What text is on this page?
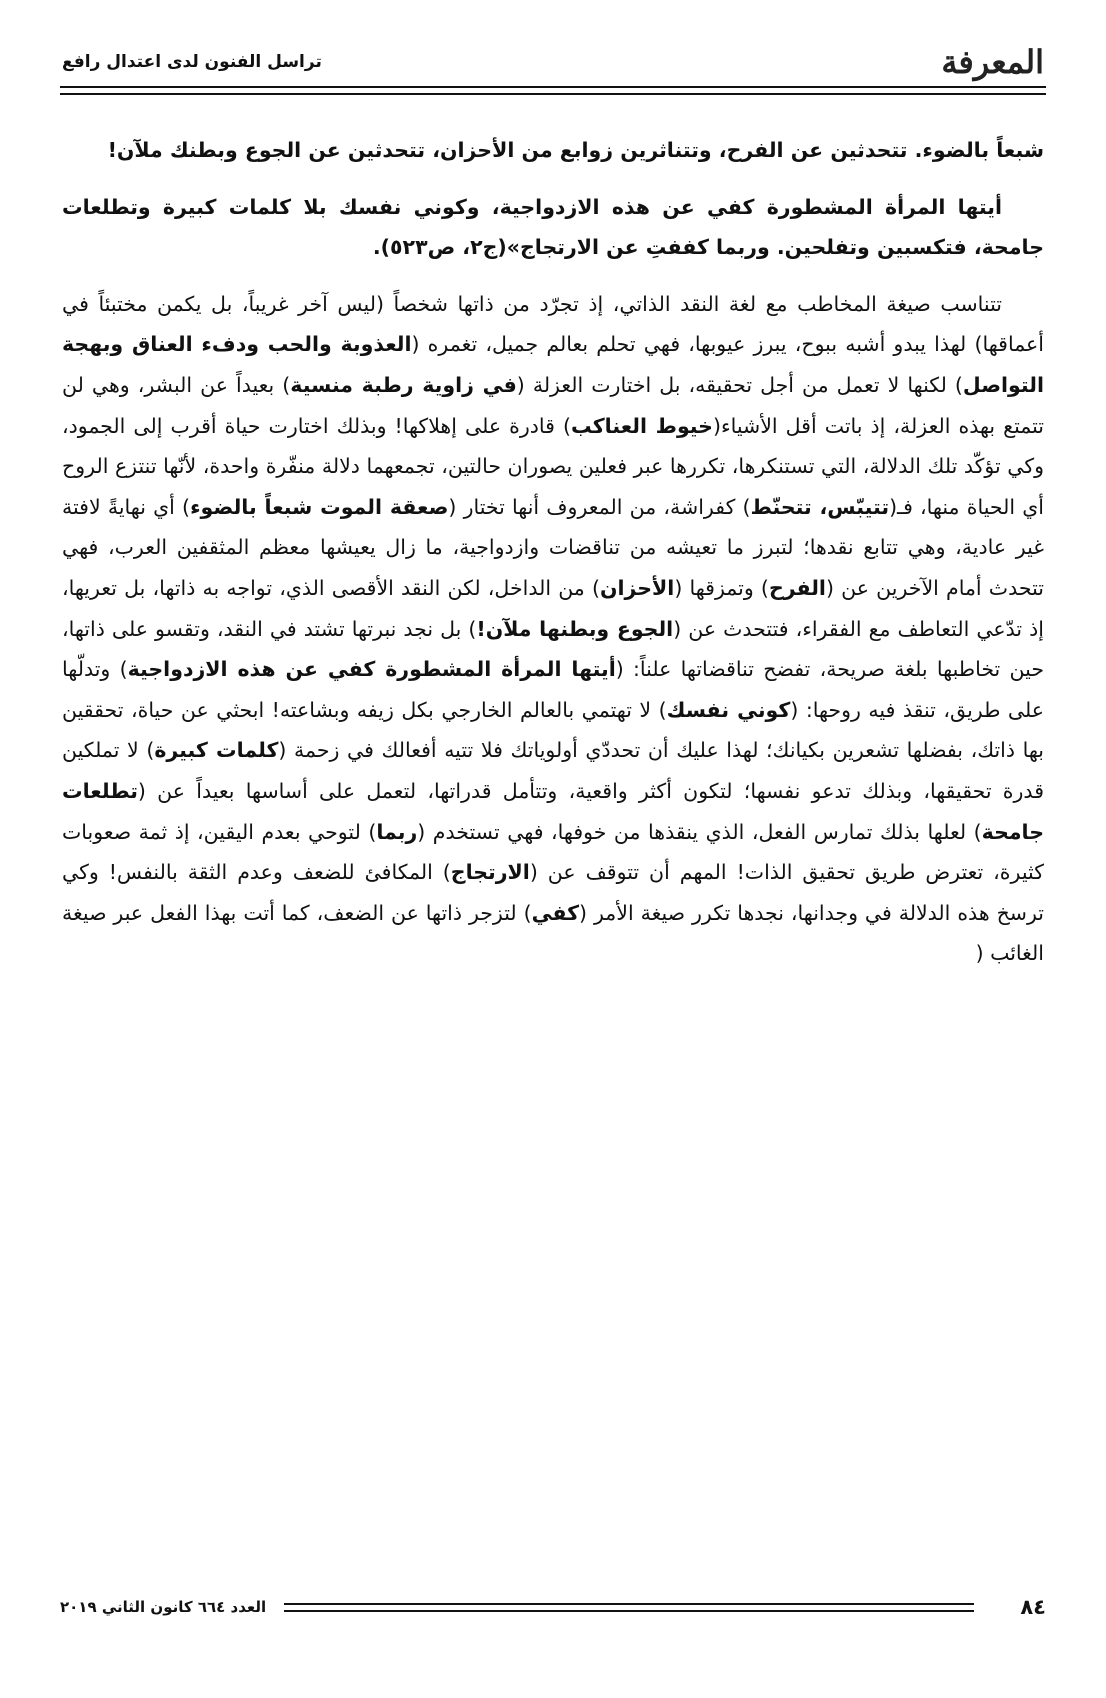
المعرفة
تراسل الفنون لدى اعتدال رافع

شبعاً بالضوء. تتحدثين عن الفرح، وتتناثرين زوابع من الأحزان، تتحدثين عن الجوع وبطنك ملآن!

أيتها المرأة المشطورة كفي عن هذه الازدواجية، وكوني نفسك بلا كلمات كبيرة وتطلعات جامحة، فتكسبين وتفلحين. وربما كففتِ عن الارتجاج»(ج٢، ص٥٢٣).

تتناسب صيغة المخاطب مع لغة النقد الذاتي، إذ تجرّد من ذاتها شخصاً (ليس آخر غريباً، بل يكمن مختبئاً في أعماقها) لهذا يبدو أشبه ببوح، يبرز عيوبها، فهي تحلم بعالم جميل، تغمره (العذوبة والحب ودفء العناق وبهجة التواصل) لكنها لا تعمل من أجل تحقيقه، بل اختارت العزلة (في زاوية رطبة منسية) بعيداً عن البشر، وهي لن تتمتع بهذه العزلة، إذ باتت أقل الأشياء(خيوط العناكب) قادرة على إهلاكها! وبذلك اختارت حياة أقرب إلى الجمود، وكي تؤكّد تلك الدلالة، التي تستنكرها، تكررها عبر فعلين يصوران حالتين، تجمعهما دلالة منفّرة واحدة، لأنّها تنتزع الروح أي الحياة منها، فـ(تتيبّس، تتحنّط) كفراشة، من المعروف أنها تختار (صعقة الموت شبعاً بالضوء) أي نهايةً لافتة غير عادية، وهي تتابع نقدها؛ لتبرز ما تعيشه من تناقضات وازدواجية، ما زال يعيشها معظم المثقفين العرب، فهي تتحدث أمام الآخرين عن (الفرح) وتمزقها (الأحزان) من الداخل، لكن النقد الأقصى الذي، تواجه به ذاتها، بل تعريها، إذ تدّعي التعاطف مع الفقراء، فتتحدث عن (الجوع وبطنها ملآن!) بل نجد نبرتها تشتد في النقد، وتقسو على ذاتها، حين تخاطبها بلغة صريحة، تفضح تناقضاتها علناً: (أيتها المرأة المشطورة كفي عن هذه الازدواجية) وتدلّها على طريق، تنقذ فيه روحها: (كوني نفسك) لا تهتمي بالعالم الخارجي بكل زيفه وبشاعته! ابحثي عن حياة، تحققين بها ذاتك، بفضلها تشعرين بكيانك؛ لهذا عليك أن تحددّي أولوياتك فلا تتيه أفعالك في زحمة (كلمات كبيرة) لا تملكين قدرة تحقيقها، وبذلك تدعو نفسها؛ لتكون أكثر واقعية، وتتأمل قدراتها، لتعمل على أساسها بعيداً عن (تطلعات جامحة) لعلها بذلك تمارس الفعل، الذي ينقذها من خوفها، فهي تستخدم (ربما) لتوحي بعدم اليقين، إذ ثمة صعوبات كثيرة، تعترض طريق تحقيق الذات! المهم أن تتوقف عن (الارتجاج) المكافئ للضعف وعدم الثقة بالنفس! وكي ترسخ هذه الدلالة في وجدانها، نجدها تكرر صيغة الأمر (كفي) لتزجر ذاتها عن الضعف، كما أتت بهذا الفعل عبر صيغة الغائب (

٨٤
العدد ٦٦٤ كانون الثاني ٢٠١٩
